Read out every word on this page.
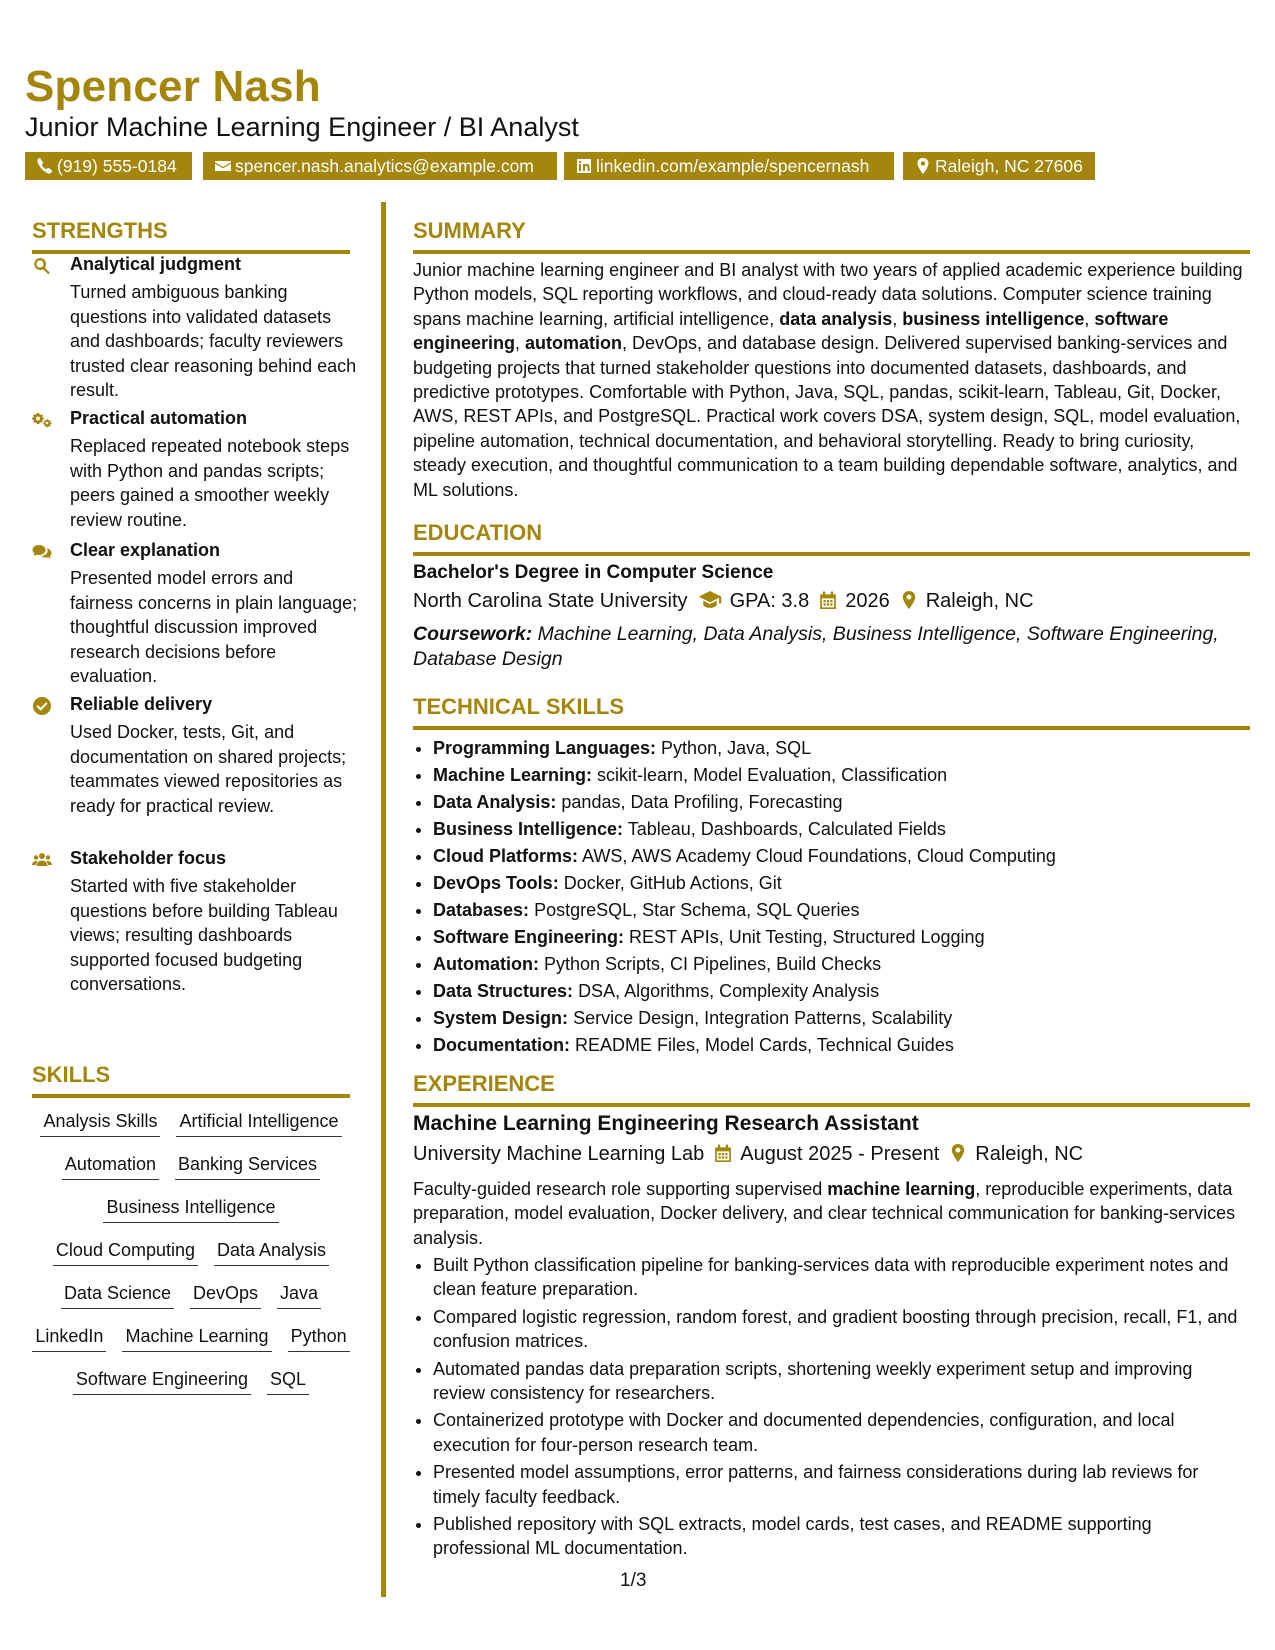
Spencer Nash
Junior Machine Learning Engineer / BI Analyst
(919) 555-0184	spencer.nash.analytics@example.com	linkedin.com/example/spencernash	Raleigh, NC 27606
STRENGTHS
Analytical judgment
Turned ambiguous banking questions into validated datasets and dashboards; faculty reviewers trusted clear reasoning behind each result.
Practical automation
Replaced repeated notebook steps with Python and pandas scripts; peers gained a smoother weekly review routine.
Clear explanation
Presented model errors and fairness concerns in plain language; thoughtful discussion improved research decisions before evaluation.
Reliable delivery
Used Docker, tests, Git, and documentation on shared projects; teammates viewed repositories as ready for practical review.
Stakeholder focus
Started with five stakeholder questions before building Tableau views; resulting dashboards supported focused budgeting conversations.
SKILLS
Analysis Skills Artificial Intelligence
Automation Banking Services
Business Intelligence
Cloud Computing Data Analysis
Data Science DevOps Java
LinkedIn Machine Learning Python
Software Engineering SQL
SUMMARY
Junior machine learning engineer and BI analyst with two years of applied academic experience building Python models, SQL reporting workflows, and cloud-ready data solutions. Computer science training spans machine learning, artificial intelligence, data analysis, business intelligence, software engineering, automation, DevOps, and database design. Delivered supervised banking-services and budgeting projects that turned stakeholder questions into documented datasets, dashboards, and predictive prototypes. Comfortable with Python, Java, SQL, pandas, scikit-learn, Tableau, Git, Docker, AWS, REST APIs, and PostgreSQL. Practical work covers DSA, system design, SQL, model evaluation, pipeline automation, technical documentation, and behavioral storytelling. Ready to bring curiosity, steady execution, and thoughtful communication to a team building dependable software, analytics, and ML solutions.
EDUCATION
Bachelor's Degree in Computer Science
North Carolina State University GPA: 3.8 2026 Raleigh, NC
Coursework: Machine Learning, Data Analysis, Business Intelligence, Software Engineering, Database Design
TECHNICAL SKILLS
• Programming Languages: Python, Java, SQL
• Machine Learning: scikit-learn, Model Evaluation, Classification
• Data Analysis: pandas, Data Profiling, Forecasting
• Business Intelligence: Tableau, Dashboards, Calculated Fields
• Cloud Platforms: AWS, AWS Academy Cloud Foundations, Cloud Computing
• DevOps Tools: Docker, GitHub Actions, Git
• Databases: PostgreSQL, Star Schema, SQL Queries
• Software Engineering: REST APIs, Unit Testing, Structured Logging
• Automation: Python Scripts, CI Pipelines, Build Checks
• Data Structures: DSA, Algorithms, Complexity Analysis
• System Design: Service Design, Integration Patterns, Scalability
• Documentation: README Files, Model Cards, Technical Guides
EXPERIENCE
Machine Learning Engineering Research Assistant
University Machine Learning Lab August 2025 - Present Raleigh, NC
Faculty-guided research role supporting supervised machine learning, reproducible experiments, data preparation, model evaluation, Docker delivery, and clear technical communication for banking-services analysis.
• Built Python classification pipeline for banking-services data with reproducible experiment notes and clean feature preparation.
• Compared logistic regression, random forest, and gradient boosting through precision, recall, F1, and confusion matrices.
• Automated pandas data preparation scripts, shortening weekly experiment setup and improving review consistency for researchers.
• Containerized prototype with Docker and documented dependencies, configuration, and local execution for four-person research team.
• Presented model assumptions, error patterns, and fairness considerations during lab reviews for timely faculty feedback.
• Published repository with SQL extracts, model cards, test cases, and README supporting professional ML documentation.
1/3
